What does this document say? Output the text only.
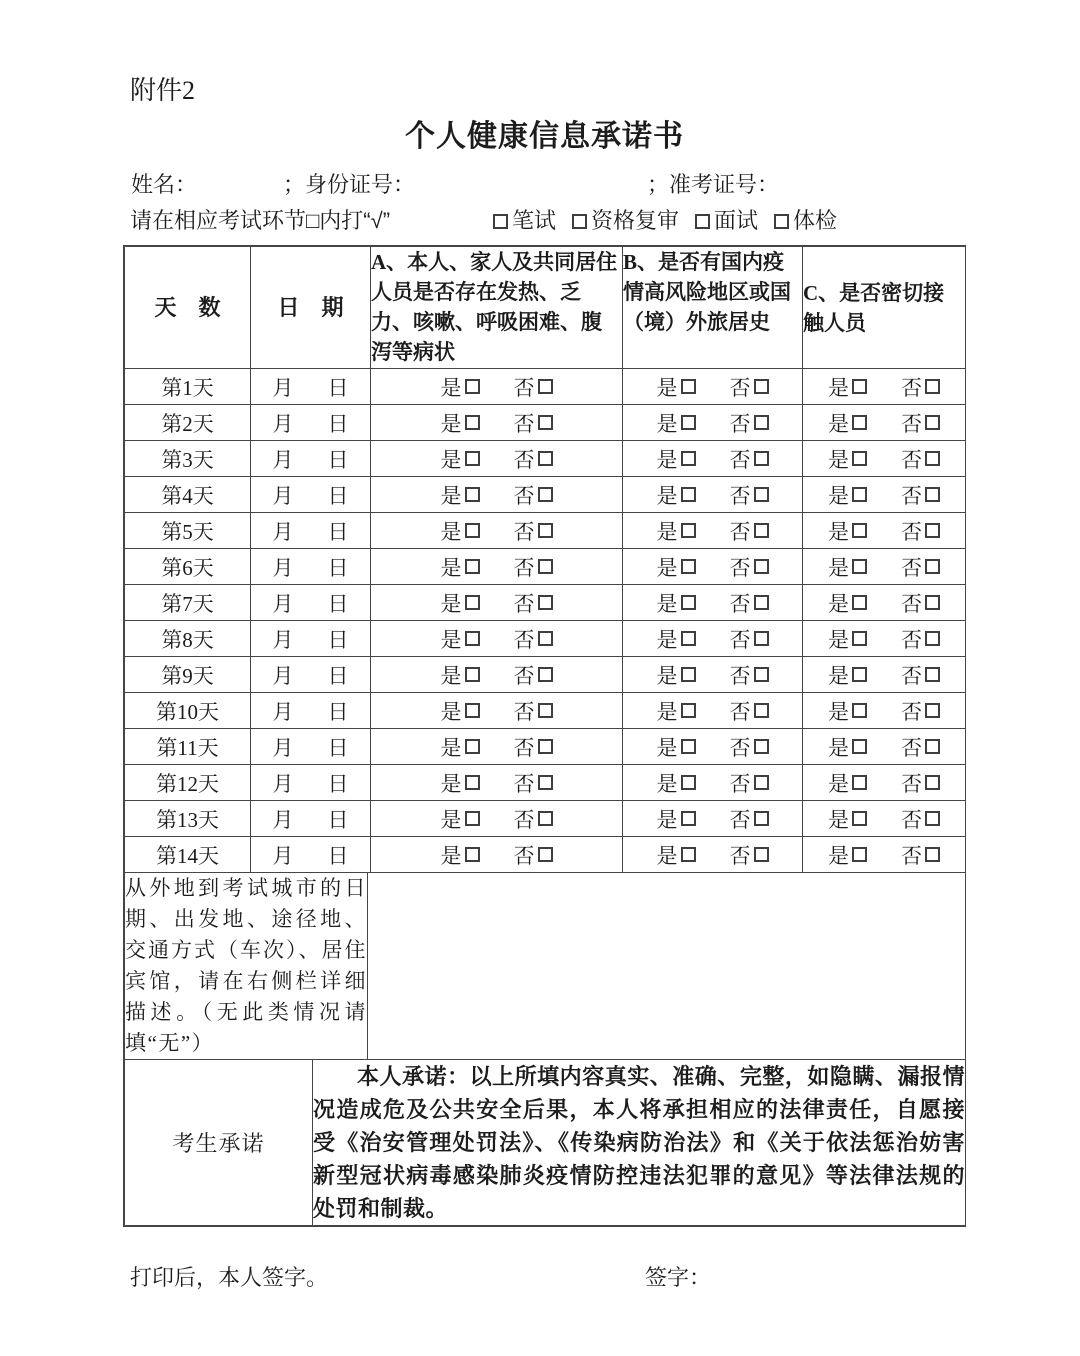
附件2
个人健康信息承诺书
姓名：	；身份证号：	；准考证号：
请在相应考试环节□内打“√”	笔试 资格复审 面试 体检
天　数	日　期	A、本人、家人及共同居住人员是否存在发热、乏力、咳嗽、呼吸困难、腹泻等病状	B、是否有国内疫情高风险地区或国（境）外旅居史	C、是否密切接触人员
第1天	月 日	是 否	是 否	是 否

第2天	月 日	是 否	是 否	是 否

第3天	月 日	是 否	是 否	是 否

第4天	月 日	是 否	是 否	是 否

第5天	月 日	是 否	是 否	是 否

第6天	月 日	是 否	是 否	是 否

第7天	月 日	是 否	是 否	是 否

第8天	月 日	是 否	是 否	是 否

第9天	月 日	是 否	是 否	是 否

第10天	月 日	是 否	是 否	是 否

第11天	月 日	是 否	是 否	是 否

第12天	月 日	是 否	是 否	是 否

第13天	月 日	是 否	是 否	是 否

第14天	月 日	是 否	是 否	是 否
从外地到考试城市的日期、出发地、途径地、交通方式（车次）、居住宾馆，请在右侧栏详细描述。（无此类情况请填“无”）	
考生承诺	本人承诺：以上所填内容真实、准确、完整，如隐瞒、漏报情况造成危及公共安全后果，本人将承担相应的法律责任，自愿接受《治安管理处罚法》、《传染病防治法》和《关于依法惩治妨害新型冠状病毒感染肺炎疫情防控违法犯罪的意见》等法律法规的处罚和制裁。
打印后，本人签字。	签字：
